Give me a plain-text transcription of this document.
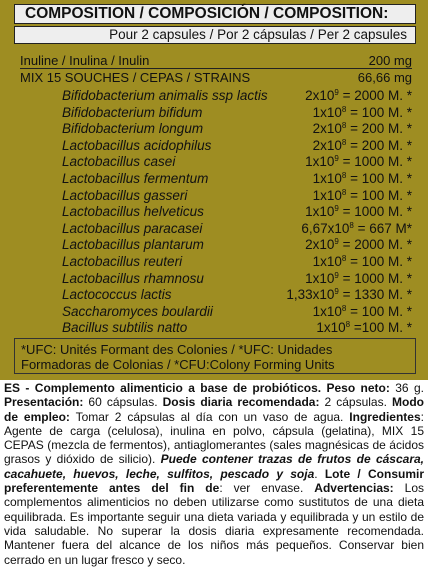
COMPOSITION / COMPOSICIÓN / COMPOSITION:
Pour 2 capsules / Por 2 cápsulas / Per 2 capsules
Inuline / Inulina / Inulin	200 mg
MIX 15 SOUCHES / CEPAS / STRAINS	66,66 mg
Bifidobacterium animalis ssp lactis	$2x10^9 = 2000$ M. *
Bifidobacterium bifidum	$1x10^8 = 100$ M. *
Bifidobacterium longum	$2x10^8 = 200$ M. *
Lactobacillus acidophilus	$2x10^8 = 200$ M. *
Lactobacillus casei	$1x10^9 = 1000$ M. *
Lactobacillus fermentum	$1x10^8 = 100$ M. *
Lactobacillus gasseri	$1x10^8 = 100$ M. *
Lactobacillus helveticus	$1x10^9 = 1000$ M. *
Lactobacillus paracasei	$6,67x10^8 = 667$ M*
Lactobacillus plantarum	$2x10^9 = 2000$ M. *
Lactobacillus reuteri	$1x10^8 = 100$ M. *
Lactobacillus rhamnosu	$1x10^9 = 1000$ M. *
Lactococcus lactis	$1,33x10^9 = 1330$ M. *
Saccharomyces boulardii	$1x10^8 = 100$ M. *
Bacillus subtilis natto	$1x10^8 =100$ M. *
*UFC: Unités Formant des Colonies / *UFC: Unidades
Formadoras de Colonias / *CFU:Colony Forming Units
ES - Complemento alimenticio a base de probióticos. Peso neto: 36 g. Presentación: 60 cápsulas. Dosis diaria recomendada: 2 cápsulas. Modo de empleo: Tomar 2 cápsulas al día con un vaso de agua. Ingredientes: Agente de carga (celulosa), inulina en polvo, cápsula (gelatina), MIX 15 CEPAS (mezcla de fermentos), antiaglomerantes (sales magnésicas de ácidos grasos y dióxido de silicio). Puede contener trazas de frutos de cáscara, cacahuete, huevos, leche, sulfitos, pescado y soja. Lote / Consumir preferentemente antes del fin de: ver envase. Advertencias: Los complementos alimenticios no deben utilizarse como sustitutos de una dieta equilibrada. Es importante seguir una dieta variada y equilibrada y un estilo de vida saludable. No superar la dosis diaria expresamente recomendada. Mantener fuera del alcance de los niños más pequeños. Conservar bien cerrado en un lugar fresco y seco.
